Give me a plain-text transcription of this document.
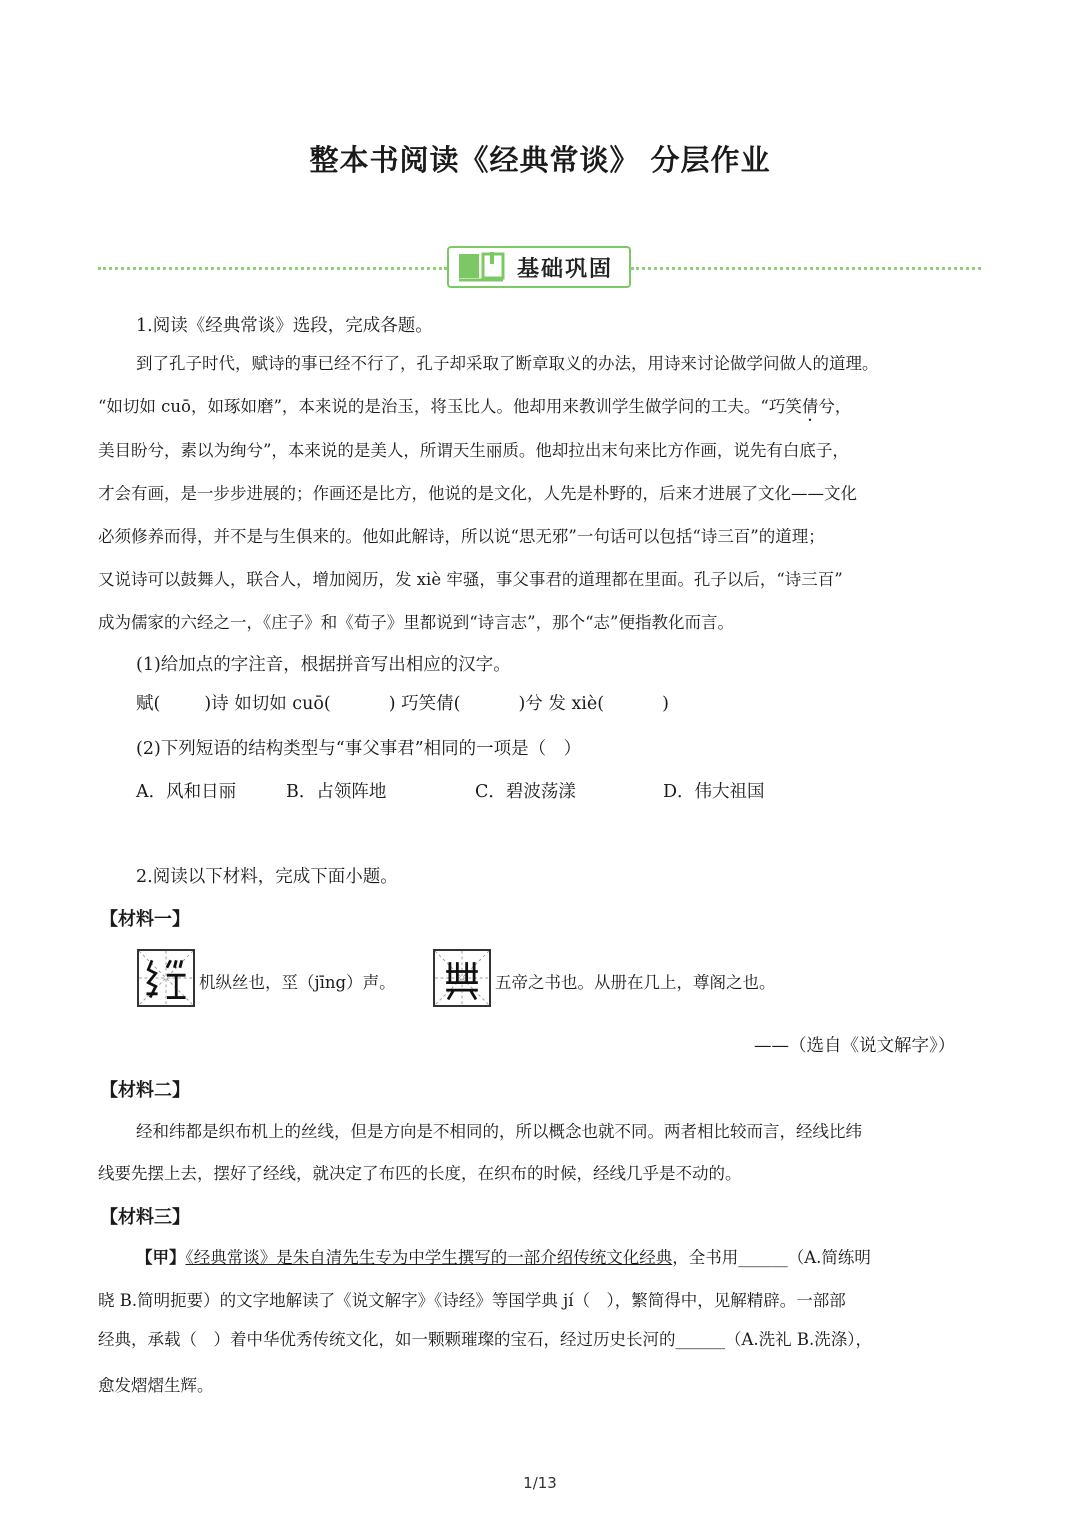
整本书阅读《经典常谈》 分层作业
基础巩固
1.阅读《经典常谈》选段，完成各题。
到了孔子时代，赋诗的事已经不行了，孔子却采取了断章取义的办法，用诗来讨论做学问做人的道理。
“如切如 cuō，如琢如磨”，本来说的是治玉，将玉比人。他却用来教训学生做学问的工夫。“巧笑倩兮，
美目盼兮，素以为绚兮”，本来说的是美人，所谓天生丽质。他却拉出末句来比方作画，说先有白底子，
才会有画，是一步步进展的；作画还是比方，他说的是文化，人先是朴野的，后来才进展了文化——文化
必须修养而得，并不是与生俱来的。他如此解诗，所以说“思无邪”一句话可以包括“诗三百”的道理；
又说诗可以鼓舞人，联合人，增加阅历，发 xiè 牢骚，事父事君的道理都在里面。孔子以后，“诗三百”
成为儒家的六经之一，《庄子》和《荀子》里都说到“诗言志”，那个“志”便指教化而言。
(1)给加点的字注音，根据拼音写出相应的汉字。
赋(	)诗 如切如 cuō(	) 巧笑倩(	)兮 发 xiè(	)
(2)下列短语的结构类型与“事父事君”相同的一项是（　）
A．风和日丽	B．占领阵地	C．碧波荡漾	D．伟大祖国
2.阅读以下材料，完成下面小题。
【材料一】
机纵丝也，坙（jīng）声。	五帝之书也。从册在几上，尊阁之也。
——（选自《说文解字》）
【材料二】
经和纬都是织布机上的丝线，但是方向是不相同的，所以概念也就不同。两者相比较而言，经线比纬
线要先摆上去，摆好了经线，就决定了布匹的长度，在织布的时候，经线几乎是不动的。
【材料三】
【甲】《经典常谈》是朱自清先生专为中学生撰写的一部介绍传统文化经典，全书用______（A.简练明
晓 B.简明扼要）的文字地解读了《说文解字》《诗经》等国学典 jí（　），繁简得中，见解精辟。一部部
经典，承载（　）着中华优秀传统文化，如一颗颗璀璨的宝石，经过历史长河的______（A.洗礼 B.洗涤），
愈发熠熠生辉。
1/13
